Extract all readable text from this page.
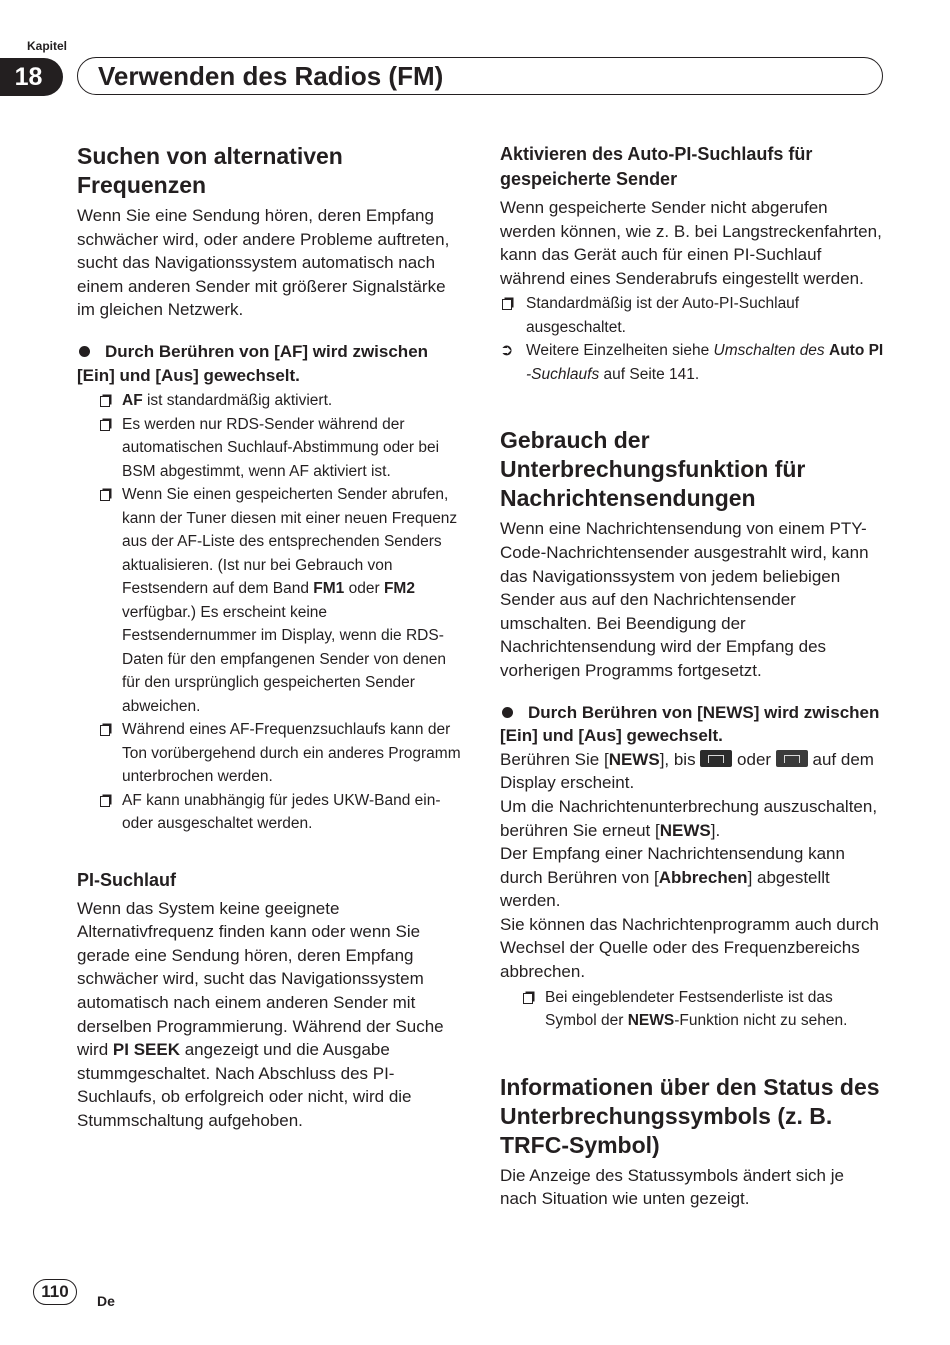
Kapitel
18	Verwenden des Radios (FM)
Suchen von alternativen Frequenzen

Wenn Sie eine Sendung hören, deren Empfang schwächer wird, oder andere Probleme auftreten, sucht das Navigationssystem automatisch nach einem anderen Sender mit größerer Signalstärke im gleichen Netzwerk.

Durch Berühren von [AF] wird zwischen [Ein] und [Aus] gewechselt.

AF ist standardmäßig aktiviert.
Es werden nur RDS-Sender während der automatischen Suchlauf-Abstimmung oder bei BSM abgestimmt, wenn AF aktiviert ist.
Wenn Sie einen gespeicherten Sender abrufen, kann der Tuner diesen mit einer neuen Frequenz aus der AF-Liste des entsprechenden Senders aktualisieren. (Ist nur bei Gebrauch von Festsendern auf dem Band FM1 oder FM2 verfügbar.) Es erscheint keine Festsendernummer im Display, wenn die RDS-Daten für den empfangenen Sender von denen für den ursprünglich gespeicherten Sender abweichen.
Während eines AF-Frequenzsuchlaufs kann der Ton vorübergehend durch ein anderes Programm unterbrochen werden.
AF kann unabhängig für jedes UKW-Band ein- oder ausgeschaltet werden.
PI-Suchlauf

Wenn das System keine geeignete Alternativfrequenz finden kann oder wenn Sie gerade eine Sendung hören, deren Empfang schwächer wird, sucht das Navigationssystem automatisch nach einem anderen Sender mit derselben Programmierung. Während der Suche wird PI SEEK angezeigt und die Ausgabe stummgeschaltet. Nach Abschluss des PI-Suchlaufs, ob erfolgreich oder nicht, wird die Stummschaltung aufgehoben.

Aktivieren des Auto-PI-Suchlaufs für gespeicherte Sender

Wenn gespeicherte Sender nicht abgerufen werden können, wie z. B. bei Langstreckenfahrten, kann das Gerät auch für einen PI-Suchlauf während eines Senderabrufs eingestellt werden.

Standardmäßig ist der Auto-PI-Suchlauf ausgeschaltet.
➲ Weitere Einzelheiten siehe Umschalten des Auto PI -Suchlaufs auf Seite 141.
Gebrauch der Unterbrechungsfunktion für Nachrichtensendungen

Wenn eine Nachrichtensendung von einem PTY-Code-Nachrichtensender ausgestrahlt wird, kann das Navigationssystem von jedem beliebigen Sender aus auf den Nachrichtensender umschalten. Bei Beendigung der Nachrichtensendung wird der Empfang des vorherigen Programms fortgesetzt.

Durch Berühren von [NEWS] wird zwischen [Ein] und [Aus] gewechselt.

Berühren Sie [NEWS], bis  oder  auf dem Display erscheint.

Um die Nachrichtenunterbrechung auszuschalten, berühren Sie erneut [NEWS].

Der Empfang einer Nachrichtensendung kann durch Berühren von [Abbrechen] abgestellt werden.

Sie können das Nachrichtenprogramm auch durch Wechsel der Quelle oder des Frequenzbereichs abbrechen.

Bei eingeblendeter Festsenderliste ist das Symbol der NEWS-Funktion nicht zu sehen.
Informationen über den Status des Unterbrechungssymbols (z. B. TRFC-Symbol)

Die Anzeige des Statussymbols ändert sich je nach Situation wie unten gezeigt.

110	De
